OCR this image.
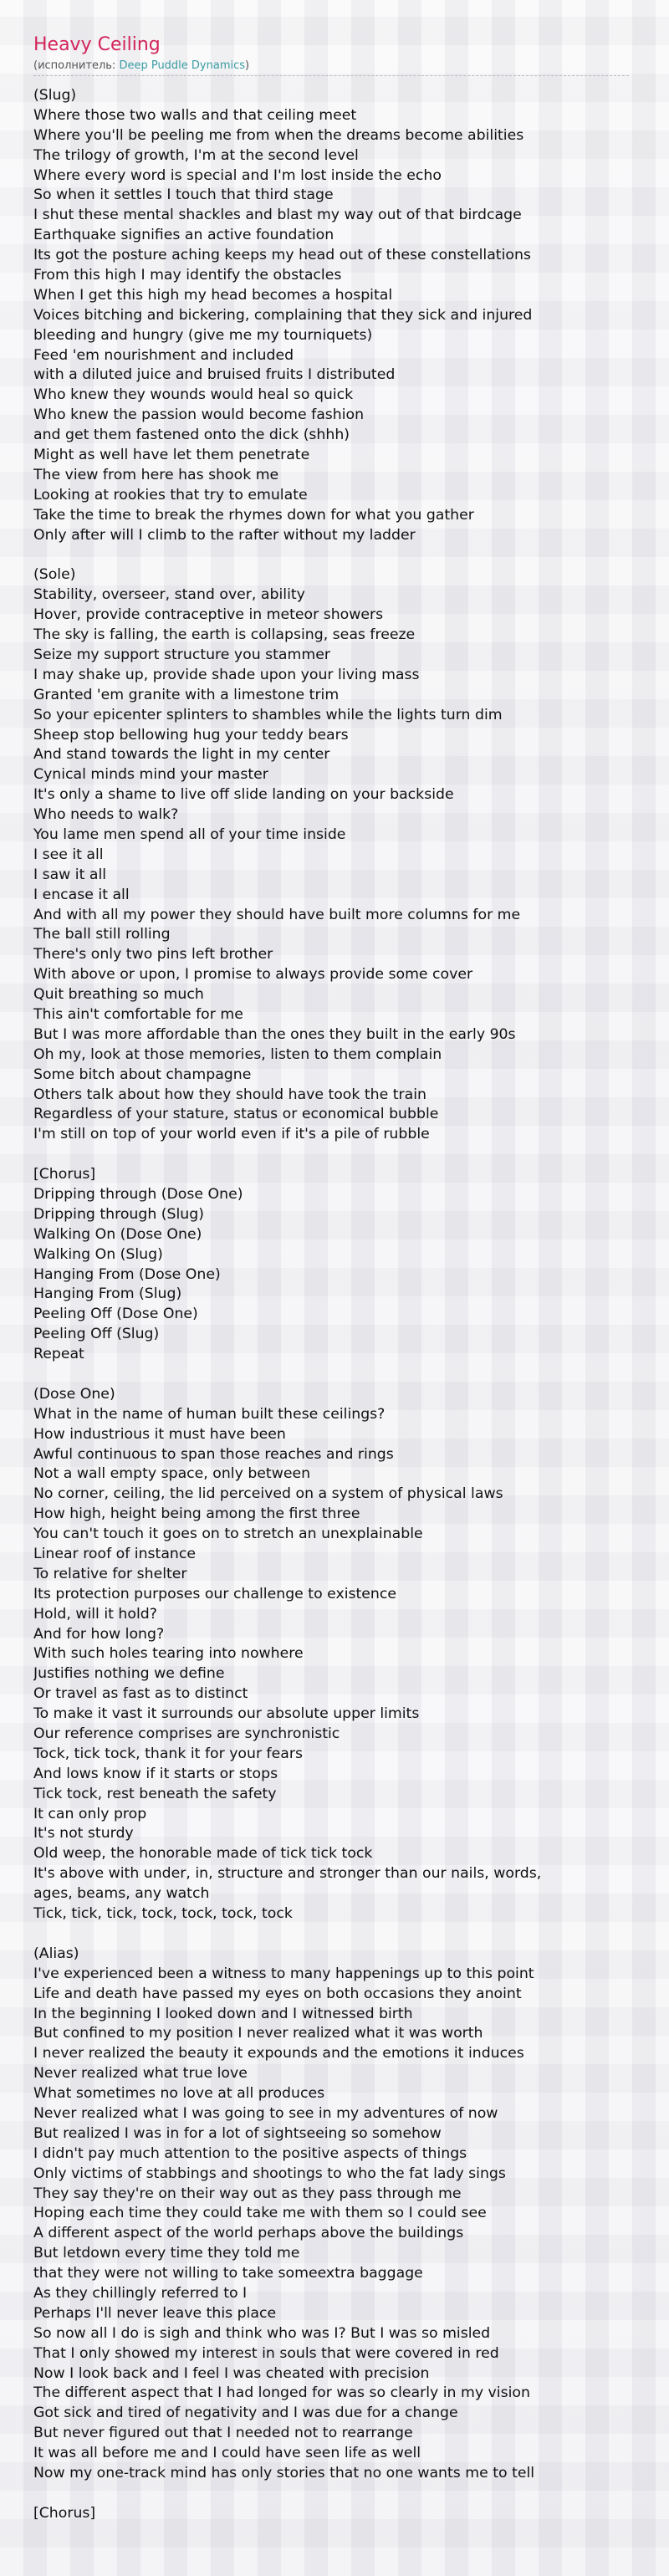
Heavy Ceiling
(исполнитель: Deep Puddle Dynamics)
(Slug)
Where those two walls and that ceiling meet
Where you'll be peeling me from when the dreams become abilities
The trilogy of growth, I'm at the second level
Where every word is special and I'm lost inside the echo
So when it settles I touch that third stage
I shut these mental shackles and blast my way out of that birdcage
Earthquake signifies an active foundation
Its got the posture aching keeps my head out of these constellations
From this high I may identify the obstacles
When I get this high my head becomes a hospital
Voices bitching and bickering, complaining that they sick and injured
bleeding and hungry (give me my tourniquets)
Feed 'em nourishment and included
with a diluted juice and bruised fruits I distributed
Who knew they wounds would heal so quick
Who knew the passion would become fashion
and get them fastened onto the dick (shhh)
Might as well have let them penetrate
The view from here has shook me
Looking at rookies that try to emulate
Take the time to break the rhymes down for what you gather
Only after will I climb to the rafter without my ladder
(Sole)
Stability, overseer, stand over, ability
Hover, provide contraceptive in meteor showers
The sky is falling, the earth is collapsing, seas freeze
Seize my support structure you stammer
I may shake up, provide shade upon your living mass
Granted 'em granite with a limestone trim
So your epicenter splinters to shambles while the lights turn dim
Sheep stop bellowing hug your teddy bears
And stand towards the light in my center
Cynical minds mind your master
It's only a shame to live off slide landing on your backside
Who needs to walk?
You lame men spend all of your time inside
I see it all
I saw it all
I encase it all
And with all my power they should have built more columns for me
The ball still rolling
There's only two pins left brother
With above or upon, I promise to always provide some cover
Quit breathing so much
This ain't comfortable for me
But I was more affordable than the ones they built in the early 90s
Oh my, look at those memories, listen to them complain
Some bitch about champagne
Others talk about how they should have took the train
Regardless of your stature, status or economical bubble
I'm still on top of your world even if it's a pile of rubble
[Chorus]
Dripping through (Dose One)
Dripping through (Slug)
Walking On (Dose One)
Walking On (Slug)
Hanging From (Dose One)
Hanging From (Slug)
Peeling Off (Dose One)
Peeling Off (Slug)
Repeat
(Dose One)
What in the name of human built these ceilings?
How industrious it must have been
Awful continuous to span those reaches and rings
Not a wall empty space, only between
No corner, ceiling, the lid perceived on a system of physical laws
How high, height being among the first three
You can't touch it goes on to stretch an unexplainable
Linear roof of instance
To relative for shelter
Its protection purposes our challenge to existence
Hold, will it hold?
And for how long?
With such holes tearing into nowhere
Justifies nothing we define
Or travel as fast as to distinct
To make it vast it surrounds our absolute upper limits
Our reference comprises are synchronistic
Tock, tick tock, thank it for your fears
And lows know if it starts or stops
Tick tock, rest beneath the safety
It can only prop
It's not sturdy
Old weep, the honorable made of tick tick tock
It's above with under, in, structure and stronger than our nails, words,
ages, beams, any watch
Tick, tick, tick, tock, tock, tock, tock
(Alias)
I've experienced been a witness to many happenings up to this point
Life and death have passed my eyes on both occasions they anoint
In the beginning I looked down and I witnessed birth
But confined to my position I never realized what it was worth
I never realized the beauty it expounds and the emotions it induces
Never realized what true love
What sometimes no love at all produces
Never realized what I was going to see in my adventures of now
But realized I was in for a lot of sightseeing so somehow
I didn't pay much attention to the positive aspects of things
Only victims of stabbings and shootings to who the fat lady sings
They say they're on their way out as they pass through me
Hoping each time they could take me with them so I could see
A different aspect of the world perhaps above the buildings
But letdown every time they told me
that they were not willing to take someextra baggage
As they chillingly referred to I
Perhaps I'll never leave this place
So now all I do is sigh and think who was I? But I was so misled
That I only showed my interest in souls that were covered in red
Now I look back and I feel I was cheated with precision
The different aspect that I had longed for was so clearly in my vision
Got sick and tired of negativity and I was due for a change
But never figured out that I needed not to rearrange
It was all before me and I could have seen life as well
Now my one-track mind has only stories that no one wants me to tell
[Chorus]
